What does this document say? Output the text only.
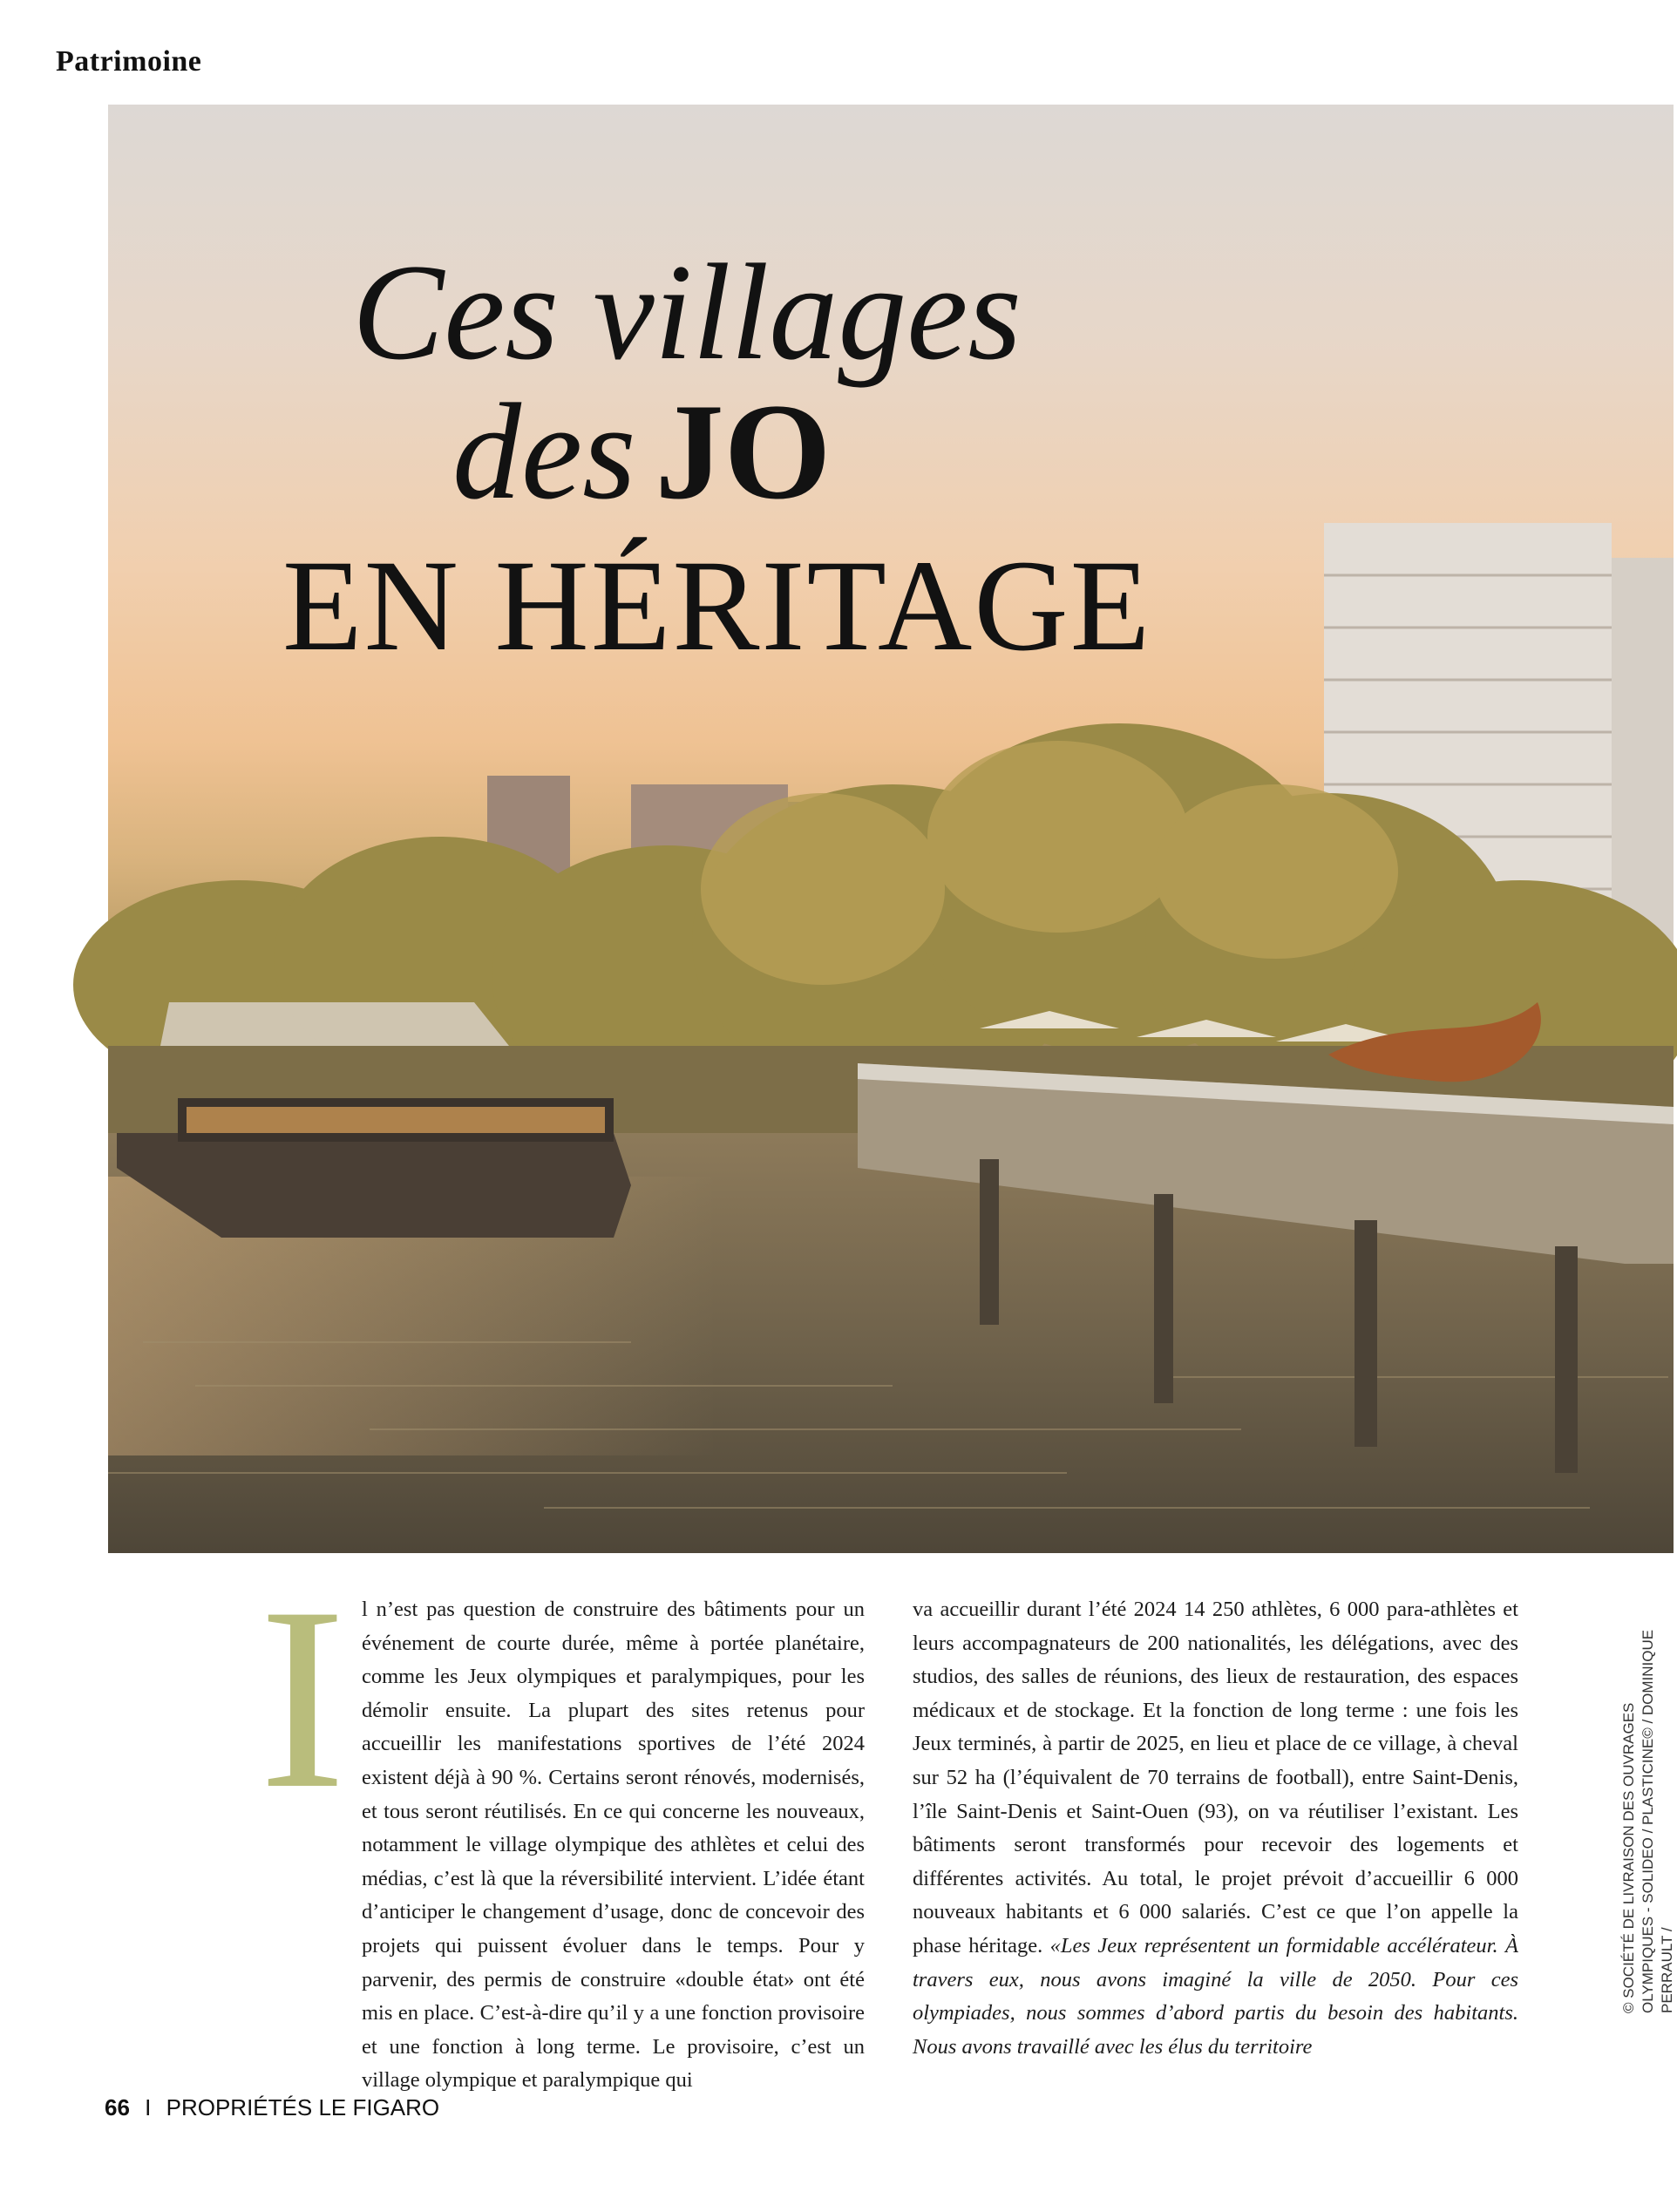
Patrimoine
Ces villages
des JO
EN HÉRITAGE
I l n’est pas question de construire des bâtiments pour un événement de courte durée, même à portée planétaire, comme les Jeux olympiques et paralympiques, pour les démolir ensuite. La plupart des sites retenus pour accueillir les manifestations sportives de l’été 2024 existent déjà à 90 %. Certains seront rénovés, modernisés, et tous seront réutilisés. En ce qui concerne les nouveaux, notamment le village olympique des athlètes et celui des médias, c’est là que la réversibilité intervient. L’idée étant d’anticiper le changement d’usage, donc de concevoir des projets qui puissent évoluer dans le temps. Pour y parvenir, des permis de construire «double état» ont été mis en place. C’est-à-dire qu’il y a une fonction provisoire et une fonction à long terme. Le provisoire, c’est un village olympique et paralympique qui

va accueillir durant l’été 2024 14 250 athlètes, 6 000 para-athlètes et leurs accompagnateurs de 200 nationalités, les délégations, avec des studios, des salles de réunions, des lieux de restauration, des espaces médicaux et de stockage. Et la fonction de long terme : une fois les Jeux terminés, à partir de 2025, en lieu et place de ce village, à cheval sur 52 ha (l’équivalent de 70 terrains de football), entre Saint-Denis, l’île Saint-Denis et Saint-Ouen (93), on va réutiliser l’existant. Les bâtiments seront transformés pour recevoir des logements et différentes activités. Au total, le projet prévoit d’accueillir 6 000 nouveaux habitants et 6 000 salariés. C’est ce que l’on appelle la phase héritage. «Les Jeux représentent un formidable accélérateur. À travers eux, nous avons imaginé la ville de 2050. Pour ces olympiades, nous sommes d’abord partis du besoin des habitants. Nous avons travaillé avec les élus du territoire

© SOCIÉTÉ DE LIVRAISON DES OUVRAGES OLYMPIQUES - SOLIDEO / PLASTICINE© / DOMINIQUE PERRAULT /
66 I PROPRIÉTÉS LE FIGARO
